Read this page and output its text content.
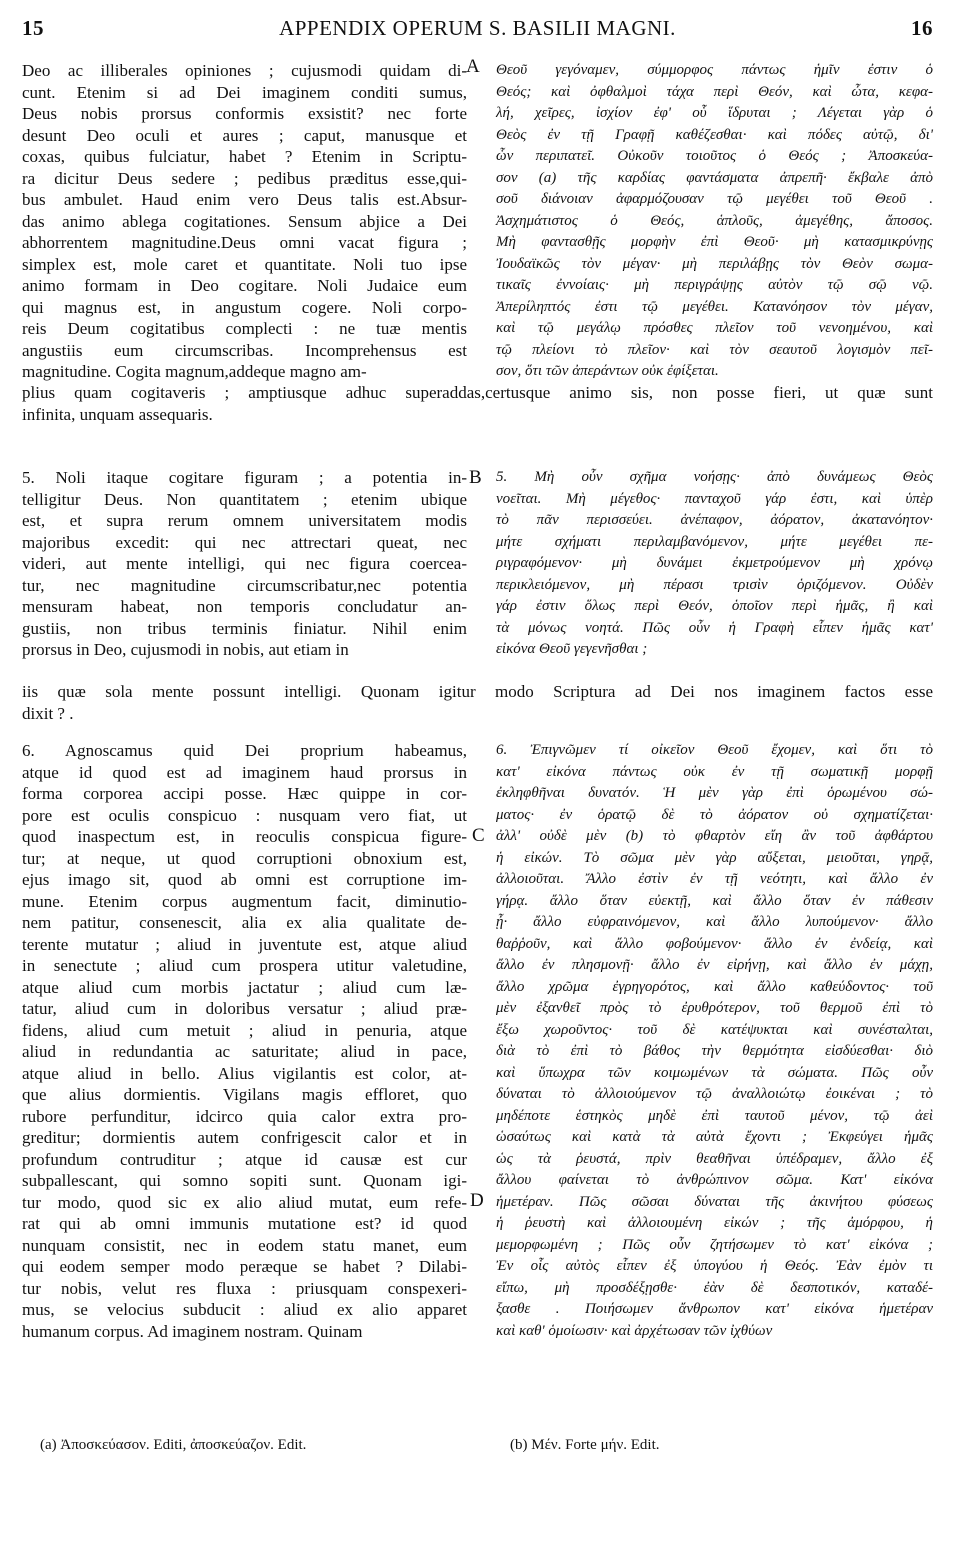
15	APPENDIX OPERUM S. BASILII MAGNI.	16
A
B
C
D
Deo ac illiberales opiniones ; cujusmodi quidam di-
cunt. Etenim si ad Dei imaginem conditi sumus,
Deus nobis prorsus conformis exsistit? nec forte
desunt Deo oculi et aures ; caput, manusque et
coxas, quibus fulciatur, habet ? Etenim in Scriptu-
ra dicitur Deus sedere ; pedibus præditus esse,qui-
bus ambulet. Haud enim vero Deus talis est.Absur-
das animo ablega cogitationes. Sensum abjice a Dei
abhorrentem magnitudine.Deus omni vacat figura ;
simplex est, mole caret et quantitate. Noli tuo ipse
animo formam in Deo cogitare. Noli Judaice eum
qui magnus est, in angustum cogere. Noli corpo-
reis Deum cogitatibus complecti : ne tuæ mentis
angustiis eum circumscribas. Incomprehensus est
magnitudine. Cogita magnum,addeque magno am-
Θεοῦ γεγόναμεν, σύμμορφος πάντως ἡμῖν ἐστιν ὁ
Θεός; καὶ ὀφθαλμοὶ τάχα περὶ Θεόν, καὶ ὦτα, κεφα-
λή, χεῖρες, ἰσχίον ἐφ' οὗ ἵδρυται ; Λέγεται γὰρ ὁ
Θεὸς ἐν τῇ Γραφῇ καθέζεσθαι· καὶ πόδες αὐτῷ, δι'
ὧν περιπατεῖ. Οὐκοῦν τοιοῦτος ὁ Θεός ; Ἀποσκεύα-
σον (a) τῆς καρδίας φαντάσματα ἀπρεπῆ· ἔκβαλε ἀπὸ
σοῦ διάνοιαν ἀφαρμόζουσαν τῷ μεγέθει τοῦ Θεοῦ .
Ἀσχημάτιστος ὁ Θεός, ἁπλοῦς, ἀμεγέθης, ἄποσος.
Μὴ φαντασθῇς μορφὴν ἐπὶ Θεοῦ· μὴ κατασμικρύνῃς
Ἰουδαϊκῶς τὸν μέγαν· μὴ περιλάβῃς τὸν Θεὸν σωμα-
τικαῖς ἐννοίαις· μὴ περιγράψῃς αὐτὸν τῷ σῷ νῷ.
Ἀπερίληπτός ἐστι τῷ μεγέθει. Κατανόησον τὸν μέγαν,
καὶ τῷ μεγάλῳ πρόσθες πλεῖον τοῦ νενοημένου, καὶ
τῷ πλείονι τὸ πλεῖον· καὶ τὸν σεαυτοῦ λογισμὸν πεῖ-
σον, ὅτι τῶν ἀπεράντων οὐκ ἐφίξεται.
plius quam cogitaveris ; amptiusque adhuc superaddas,certusque animo sis, non posse fieri, ut quæ sunt
infinita, unquam assequaris.
5. Noli itaque cogitare figuram ; a potentia in-
telligitur Deus. Non quantitatem ; etenim ubique
est, et supra rerum omnem universitatem modis
majoribus excedit: qui nec attrectari queat, nec
videri, aut mente intelligi, qui nec figura coercea-
tur, nec magnitudine circumscribatur,nec potentia
mensuram habeat, non temporis concludatur an-
gustiis, non tribus terminis finiatur. Nihil enim
prorsus in Deo, cujusmodi in nobis, aut etiam in
5. Μὴ οὖν σχῆμα νοήσῃς· ἀπὸ δυνάμεως Θεὸς
νοεῖται. Μὴ μέγεθος· πανταχοῦ γάρ ἐστι, καὶ ὑπὲρ
τὸ πᾶν περισσεύει. ἀνέπαφον, ἀόρατον, ἀκατανόητον·
μήτε σχήματι περιλαμβανόμενον, μήτε μεγέθει πε-
ριγραφόμενον· μὴ δυνάμει ἐκμετρούμενον μὴ χρόνῳ
περικλειόμενον, μὴ πέρασι τρισὶν ὁριζόμενον. Οὐδὲν
γάρ ἐστιν ὅλως περὶ Θεόν, ὁποῖον περὶ ἡμᾶς, ἢ καὶ
τὰ μόνως νοητά. Πῶς οὖν ἡ Γραφὴ εἶπεν ἡμᾶς κατ'
εἰκόνα Θεοῦ γεγενῆσθαι ;
iis quæ sola mente possunt intelligi. Quonam igitur modo Scriptura ad Dei nos imaginem factos esse
dixit ? .
6. Agnoscamus quid Dei proprium habeamus,
atque id quod est ad imaginem haud prorsus in
forma corporea accipi posse. Hæc quippe in cor-
pore est oculis conspicuo : nusquam vero fiat, ut
quod inaspectum est, in reoculis conspicua figure-
tur; at neque, ut quod corruptioni obnoxium est,
ejus imago sit, quod ab omni est corruptione im-
mune. Etenim corpus augmentum facit, diminutio-
nem patitur, consenescit, alia ex alia qualitate de-
terente mutatur ; aliud in juventute est, atque aliud
in senectute ; aliud cum prospera utitur valetudine,
atque aliud cum morbis jactatur ; aliud cum læ-
tatur, aliud cum in doloribus versatur ; aliud præ-
fidens, aliud cum metuit ; aliud in penuria, atque
aliud in redundantia ac saturitate; aliud in pace,
atque aliud in bello. Alius vigilantis est color, at-
que alius dormientis. Vigilans magis effloret, quo
rubore perfunditur, idcirco quia calor extra pro-
greditur; dormientis autem confrigescit calor et in
profundum contruditur ; atque id causæ est cur
subpallescant, qui somno sopiti sunt. Quonam igi-
tur modo, quod sic ex alio aliud mutat, eum refe-
rat qui ab omni immunis mutatione est? id quod
nunquam consistit, nec in eodem statu manet, eum
qui eodem semper modo peræque se habet ? Dilabi-
tur nobis, velut res fluxa : priusquam conspexeri-
mus, se velocius subducit : aliud ex alio apparet
humanum corpus. Ad imaginem nostram. Quinam
6. Ἐπιγνῶμεν τί οἰκεῖον Θεοῦ ἔχομεν, καὶ ὅτι τὸ
κατ' εἰκόνα πάντως οὐκ ἐν τῇ σωματικῇ μορφῇ
ἐκληφθῆναι δυνατόν. Ἡ μὲν γὰρ ἐπὶ ὁρωμένου σώ-
ματος· ἐν ὁρατῷ δὲ τὸ ἀόρατον οὐ σχηματίζεται·
ἀλλ' οὐδὲ μὲν (b) τὸ φθαρτὸν εἴη ἂν τοῦ ἀφθάρτου
ἡ εἰκών. Τὸ σῶμα μὲν γὰρ αὔξεται, μειοῦται, γηρᾷ,
ἀλλοιοῦται. Ἄλλο ἐστὶν ἐν τῇ νεότητι, καὶ ἄλλο ἐν
γήρᾳ. ἄλλο ὅταν εὐεκτῇ, καὶ ἄλλο ὅταν ἐν πάθεσιν
ᾖ· ἄλλο εὐφραινόμενον, καὶ ἄλλο λυπούμενον· ἄλλο
θαῤῥοῦν, καὶ ἄλλο φοβούμενον· ἄλλο ἐν ἐνδείᾳ, καὶ
ἄλλο ἐν πλησμονῇ· ἄλλο ἐν εἰρήνῃ, καὶ ἄλλο ἐν μάχῃ,
ἄλλο χρῶμα ἐγρηγορότος, καὶ ἄλλο καθεύδοντος· τοῦ
μὲν ἐξανθεῖ πρὸς τὸ ἐρυθρότερον, τοῦ θερμοῦ ἐπὶ τὸ
ἔξω χωροῦντος· τοῦ δὲ κατέψυκται καὶ συνέσταλται,
διὰ τὸ ἐπὶ τὸ βάθος τὴν θερμότητα εἰσδύεσθαι· διὸ
καὶ ὕπωχρα τῶν κοιμωμένων τὰ σώματα. Πῶς οὖν
δύναται τὸ ἀλλοιούμενον τῷ ἀναλλοιώτῳ ἐοικέναι ; τὸ
μηδέποτε ἑστηκὸς μηδὲ ἐπὶ ταυτοῦ μένον, τῷ ἀεὶ
ὡσαύτως καὶ κατὰ τὰ αὐτὰ ἔχοντι ; Ἐκφεύγει ἡμᾶς
ὡς τὰ ῥευστά, πρὶν θεαθῆναι ὑπέδραμεν, ἄλλο ἐξ
ἄλλου φαίνεται τὸ ἀνθρώπινον σῶμα. Κατ' εἰκόνα
ἡμετέραν. Πῶς σῶσαι δύναται τῆς ἀκινήτου φύσεως
ἡ ῥευστὴ καὶ ἀλλοιουμένη εἰκών ; τῆς ἀμόρφου, ἡ
μεμορφωμένη ; Πῶς οὖν ζητήσωμεν τὸ κατ' εἰκόνα ;
Ἐν οἷς αὐτὸς εἶπεν ἐξ ὑπογύου ἡ Θεός. Ἐὰν ἐμὸν τι
εἴπω, μὴ προσδέξῃσθε· ἐὰν δὲ δεσποτικόν, καταδέ-
ξασθε . Ποιήσωμεν ἄνθρωπον κατ' εἰκόνα ἡμετέραν
καὶ καθ' ὁμοίωσιν· καὶ ἀρχέτωσαν τῶν ἰχθύων
(a) Ἀποσκεύασον. Editi, ἀποσκεύαζον. Edit.	(b) Μέν. Forte μήν. Edit.
